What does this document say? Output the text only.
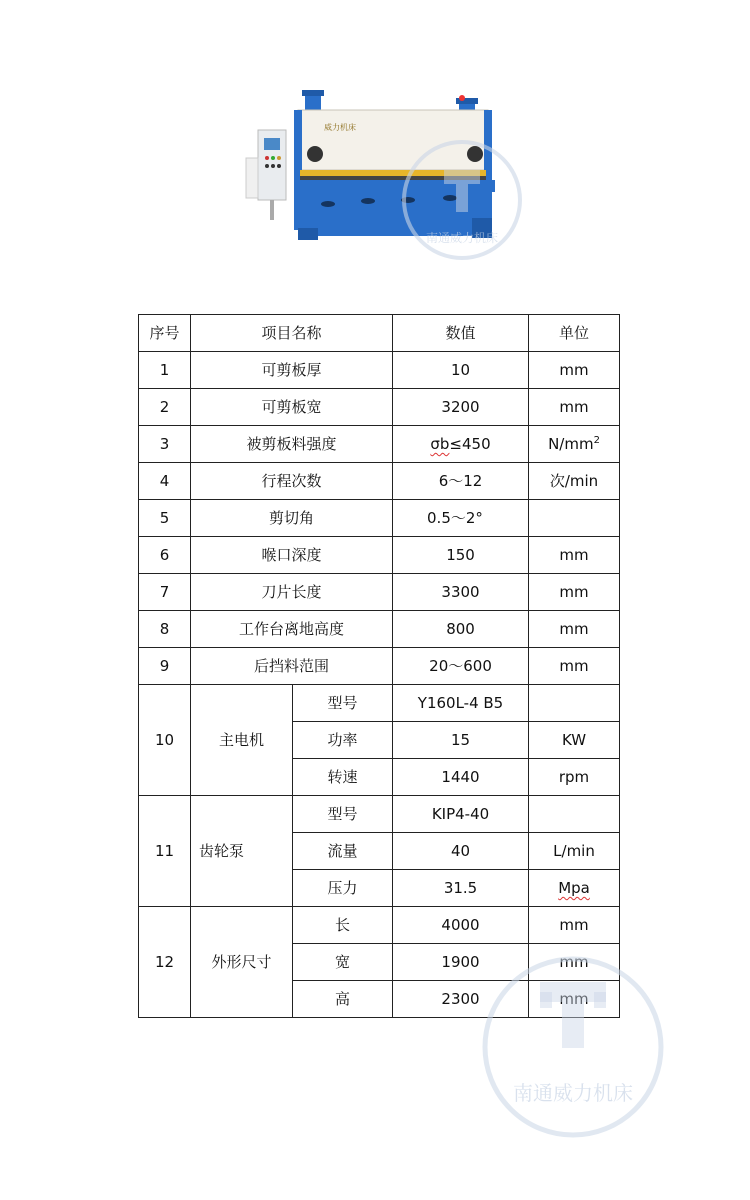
威力机床
南通威力机床
序号	项目名称		数值	单位
1	可剪板厚		10	mm
2	可剪板宽		3200	mm
3	被剪板料强度		σb≤450	$N/mm^2$
4	行程次数		6～12	次/min
5	剪切角		0.5～2°	
6	喉口深度		150	mm
7	刀片长度		3300	mm
8	工作台离地高度		800	mm
9	后挡料范围		20～600	mm
10	主电机	型号	Y160L-4 B5	
		功率	15	KW
		转速	1440	rpm
11	齿轮泵	型号	KIP4-40	
		流量	40	L/min
		压力	31.5	Mpa
12	外形尺寸	长	4000	mm
		宽	1900	mm
		高	2300	mm
南通威力机床
